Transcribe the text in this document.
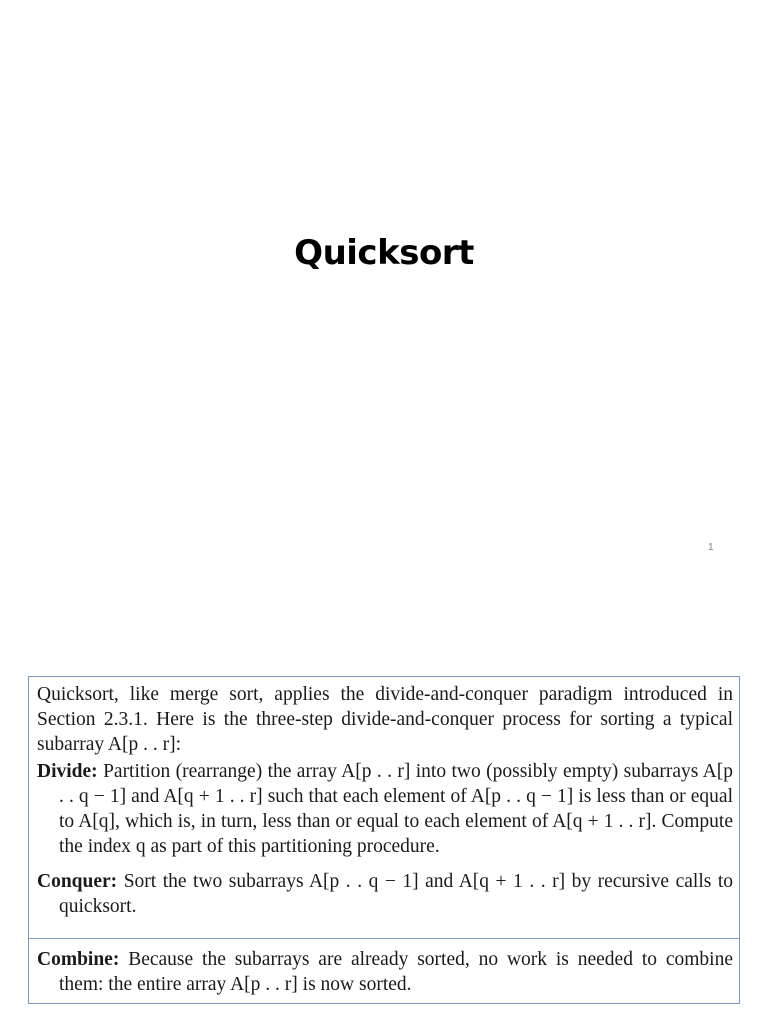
Quicksort
1

Quicksort, like merge sort, applies the divide-and-conquer paradigm introduced in Section 2.3.1. Here is the three-step divide-and-conquer process for sorting a typical subarray A[p . . r]:

Divide: Partition (rearrange) the array A[p . . r] into two (possibly empty) subarrays A[p . . q − 1] and A[q + 1 . . r] such that each element of A[p . . q − 1] is less than or equal to A[q], which is, in turn, less than or equal to each element of A[q + 1 . . r]. Compute the index q as part of this partitioning procedure.

Conquer: Sort the two subarrays A[p . . q − 1] and A[q + 1 . . r] by recursive calls to quicksort.

Combine: Because the subarrays are already sorted, no work is needed to combine them: the entire array A[p . . r] is now sorted.
